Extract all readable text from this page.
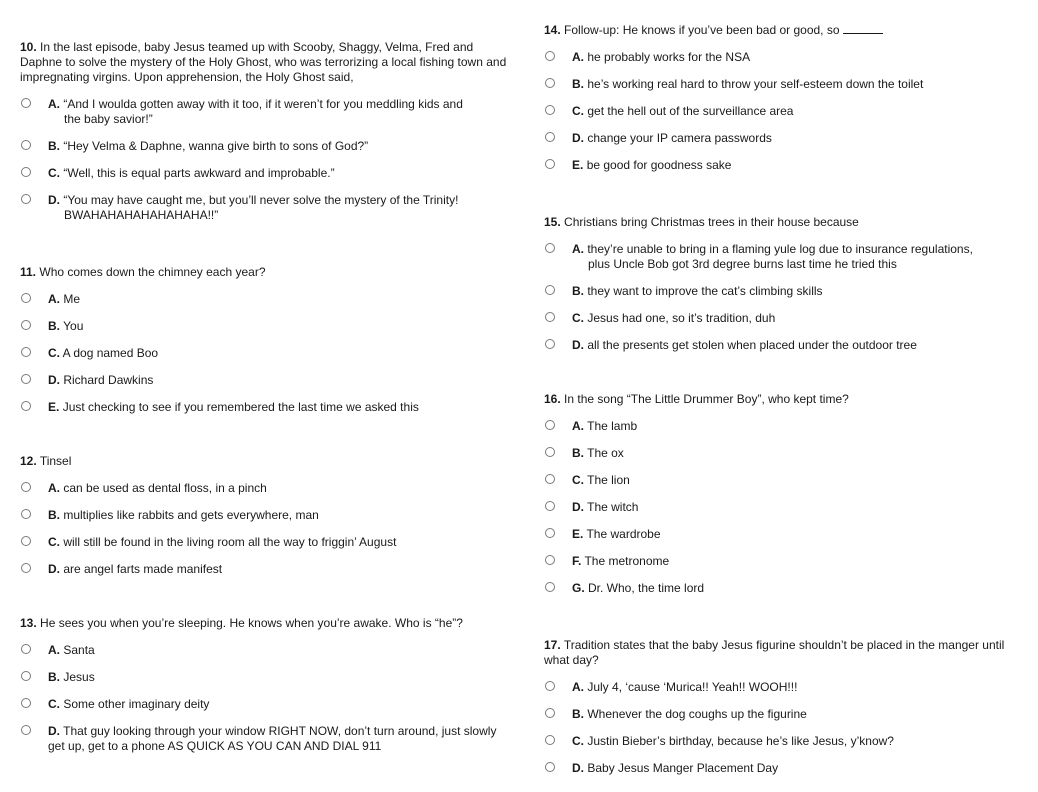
10. In the last episode, baby Jesus teamed up with Scooby, Shaggy, Velma, Fred and Daphne to solve the mystery of the Holy Ghost, who was terrorizing a local fishing town and impregnating virgins. Upon apprehension, the Holy Ghost said,

A. “And I woulda gotten away with it too, if it weren’t for you meddling kids and
the baby savior!”
B. “Hey Velma & Daphne, wanna give birth to sons of God?”
C. “Well, this is equal parts awkward and improbable.”
D. “You may have caught me, but you’ll never solve the mystery of the Trinity!
BWAHAHAHAHAHAHAHA!!”

11. Who comes down the chimney each year?

A. Me
B. You
C. A dog named Boo
D. Richard Dawkins
E. Just checking to see if you remembered the last time we asked this

12. Tinsel

A. can be used as dental floss, in a pinch
B. multiplies like rabbits and gets everywhere, man
C. will still be found in the living room all the way to friggin’ August
D. are angel farts made manifest

13. He sees you when you’re sleeping. He knows when you’re awake. Who is “he”?

A. Santa
B. Jesus
C. Some other imaginary deity
D. That guy looking through your window RIGHT NOW, don’t turn around, just slowly
get up, get to a phone AS QUICK AS YOU CAN AND DIAL 911

14. Follow-up: He knows if you’ve been bad or good, so

A. he probably works for the NSA
B. he’s working real hard to throw your self-esteem down the toilet
C. get the hell out of the surveillance area
D. change your IP camera passwords
E. be good for goodness sake

15. Christians bring Christmas trees in their house because

A. they’re unable to bring in a flaming yule log due to insurance regulations,
plus Uncle Bob got 3rd degree burns last time he tried this
B. they want to improve the cat’s climbing skills
C. Jesus had one, so it’s tradition, duh
D. all the presents get stolen when placed under the outdoor tree

16. In the song “The Little Drummer Boy”, who kept time?

A. The lamb
B. The ox
C. The lion
D. The witch
E. The wardrobe
F. The metronome
G. Dr. Who, the time lord

17. Tradition states that the baby Jesus figurine shouldn’t be placed in the manger until what day?

A. July 4, ‘cause ‘Murica!! Yeah!! WOOH!!!
B. Whenever the dog coughs up the figurine
C. Justin Bieber’s birthday, because he’s like Jesus, y’know?
D. Baby Jesus Manger Placement Day
